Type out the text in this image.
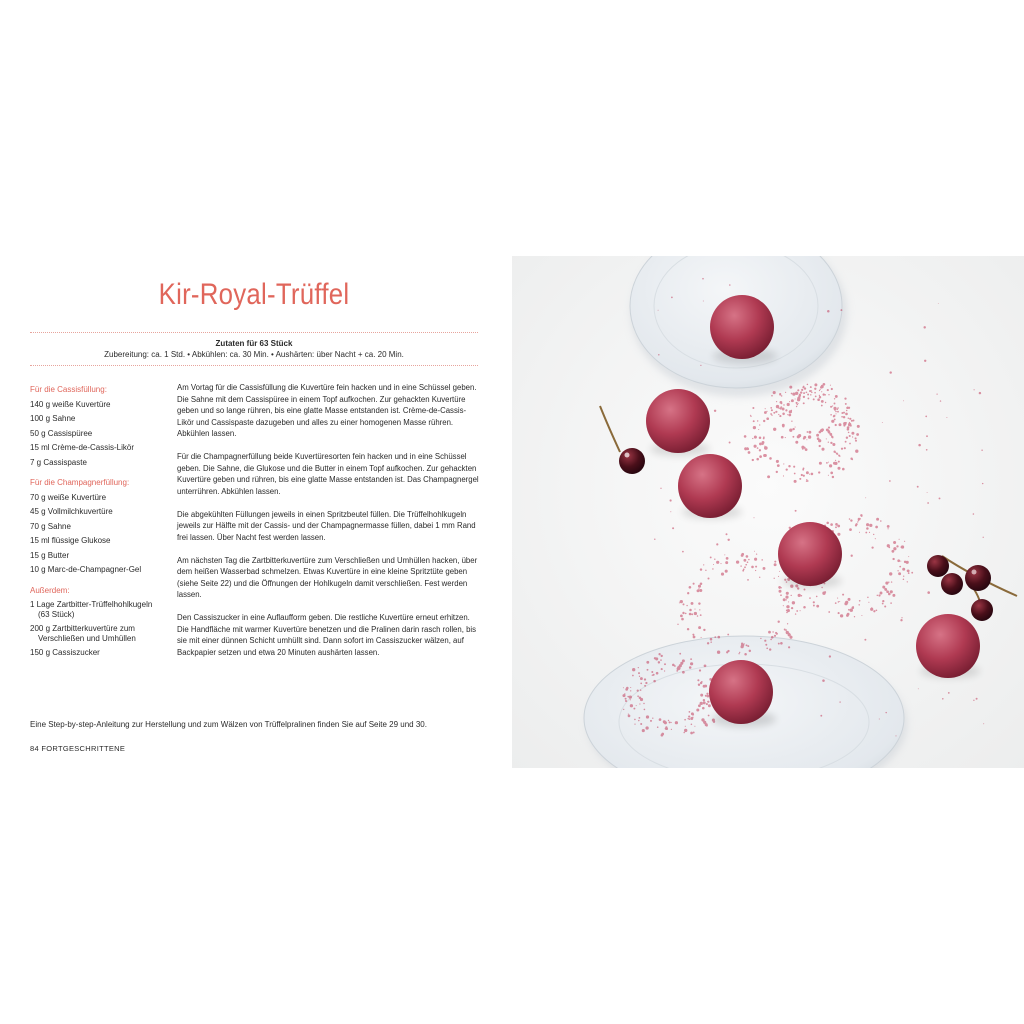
Kir-Royal-Trüffel
Zutaten für 63 Stück
Zubereitung: ca. 1 Std. • Abkühlen: ca. 30 Min. • Aushärten: über Nacht + ca. 20 Min.
Für die Cassisfüllung:
140 g weiße Kuvertüre
100 g Sahne
50 g Cassispüree
15 ml Crème-de-Cassis-Likör
7 g Cassispaste
Für die Champagnerfüllung:
70 g weiße Kuvertüre
45 g Vollmilchkuvertüre
70 g Sahne
15 ml flüssige Glukose
15 g Butter
10 g Marc-de-Champagner-Gel
Außerdem:
1 Lage Zartbitter-Trüffelhohlkugeln
(63 Stück)
200 g Zartbitterkuvertüre zum
Verschließen und Umhüllen
150 g Cassiszucker

Am Vortag für die Cassisfüllung die Kuvertüre fein hacken und in eine Schüssel geben. Die Sahne mit dem Cassispüree in einem Topf aufkochen. Zur gehackten Kuvertüre geben und so lange rühren, bis eine glatte Masse entstanden ist. Crème-de-Cassis-Likör und Cassispaste dazugeben und alles zu einer homogenen Masse rühren. Abkühlen lassen.

Für die Champagnerfüllung beide Kuvertüresorten fein hacken und in eine Schüssel geben. Die Sahne, die Glukose und die Butter in einem Topf aufkochen. Zur gehackten Kuvertüre geben und rühren, bis eine glatte Masse entstanden ist. Das Champagnergel unterrühren. Abkühlen lassen.

Die abgekühlten Füllungen jeweils in einen Spritzbeutel füllen. Die Trüffelhohlkugeln jeweils zur Hälfte mit der Cassis- und der Champagnermasse füllen, dabei 1 mm Rand frei lassen. Über Nacht fest werden lassen.

Am nächsten Tag die Zartbitterkuvertüre zum Verschließen und Umhüllen hacken, über dem heißen Wasserbad schmelzen. Etwas Kuvertüre in eine kleine Spritztüte geben (siehe Seite 22) und die Öffnungen der Hohlkugeln damit verschließen. Fest werden lassen.

Den Cassiszucker in eine Auflaufform geben. Die restliche Kuvertüre erneut erhitzen. Die Handfläche mit warmer Kuvertüre benetzen und die Pralinen darin rasch rollen, bis sie mit einer dünnen Schicht umhüllt sind. Dann sofort im Cassiszucker wälzen, auf Backpapier setzen und etwa 20 Minuten aushärten lassen.

Eine Step-by-step-Anleitung zur Herstellung und zum Wälzen von Trüffelpralinen finden Sie auf Seite 29 und 30.
84 FORTGESCHRITTENE
